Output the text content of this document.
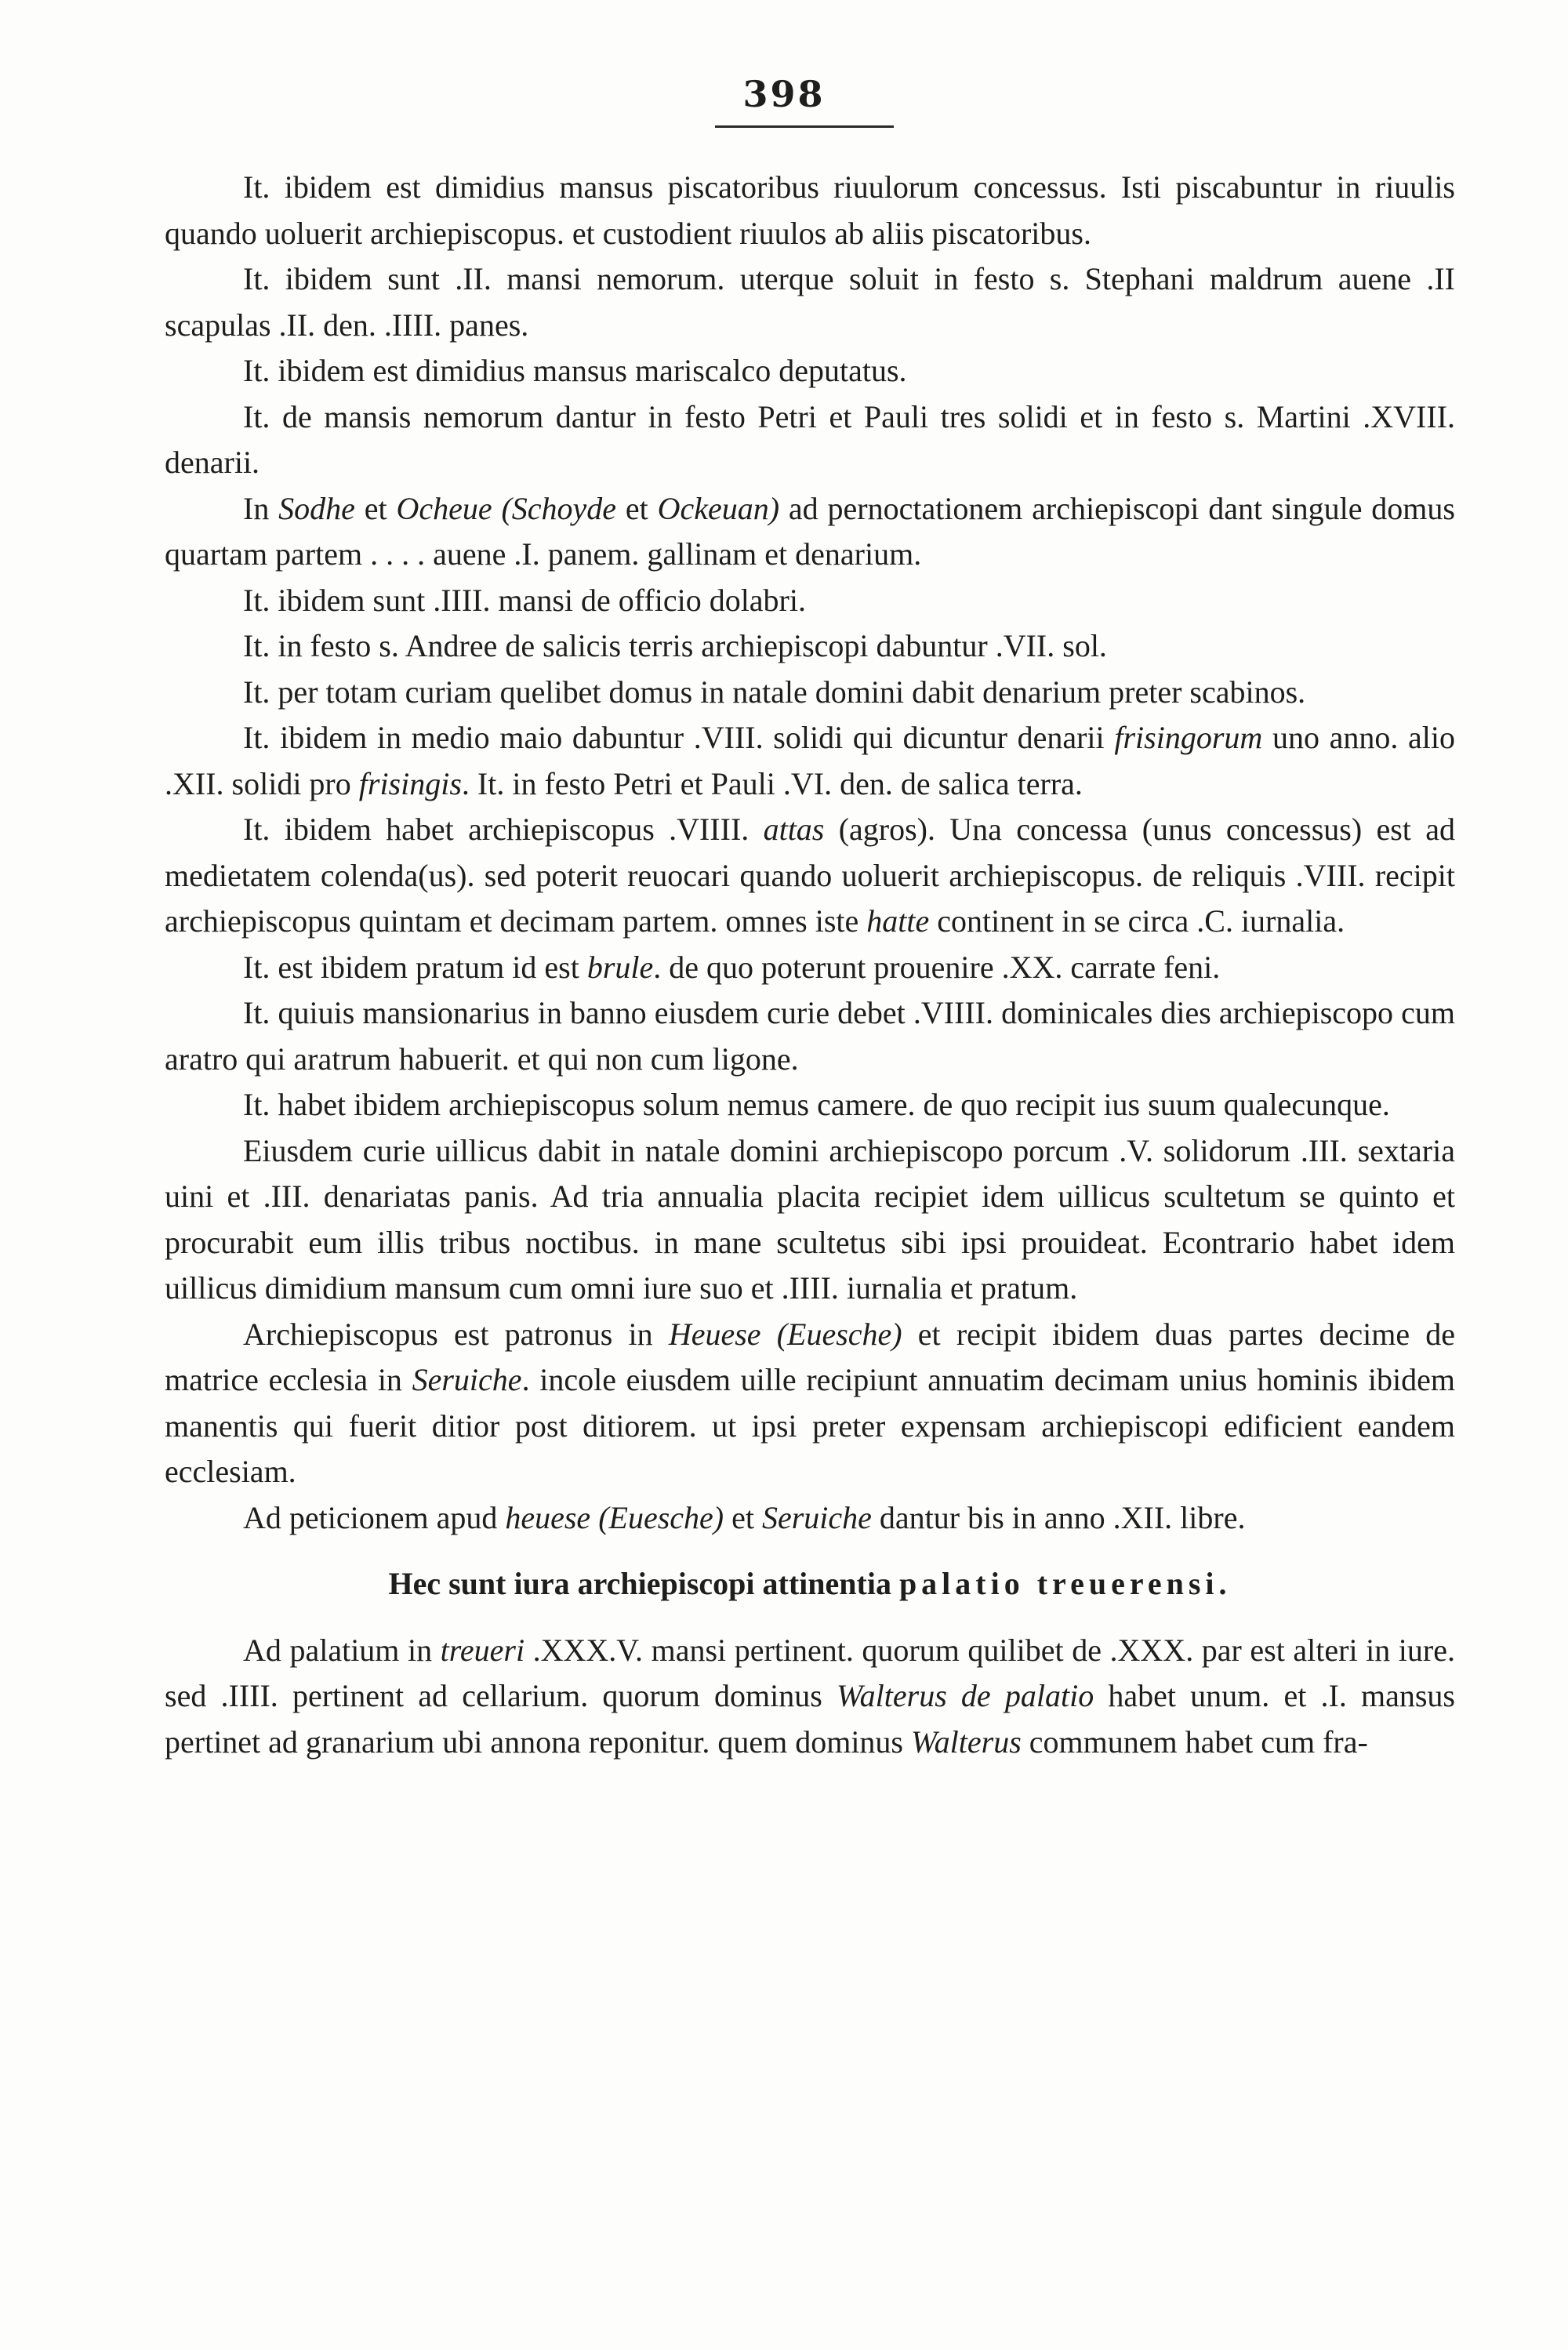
398

It. ibidem est dimidius mansus piscatoribus riuulorum concessus. Isti piscabuntur in riuulis quando uoluerit archiepiscopus. et custodient riuulos ab aliis piscatoribus.

It. ibidem sunt .II. mansi nemorum. uterque soluit in festo s. Stephani maldrum auene .II scapulas .II. den. .IIII. panes.

It. ibidem est dimidius mansus mariscalco deputatus.

It. de mansis nemorum dantur in festo Petri et Pauli tres solidi et in festo s. Martini .XVIII. denarii.

In Sodhe et Ocheue (Schoyde et Ockeuan) ad pernoctationem archiepiscopi dant singule domus quartam partem . . . . auene .I. panem. gallinam et denarium.

It. ibidem sunt .IIII. mansi de officio dolabri.

It. in festo s. Andree de salicis terris archiepiscopi dabuntur .VII. sol.

It. per totam curiam quelibet domus in natale domini dabit denarium preter scabinos.

It. ibidem in medio maio dabuntur .VIII. solidi qui dicuntur denarii frisingorum uno anno. alio .XII. solidi pro frisingis. It. in festo Petri et Pauli .VI. den. de salica terra.

It. ibidem habet archiepiscopus .VIIII. attas (agros). Una concessa (unus concessus) est ad medietatem colenda(us). sed poterit reuocari quando uoluerit archiepiscopus. de reliquis .VIII. recipit archiepiscopus quintam et decimam partem. omnes iste hatte continent in se circa .C. iurnalia.

It. est ibidem pratum id est brule. de quo poterunt prouenire .XX. carrate feni.

It. quiuis mansionarius in banno eiusdem curie debet .VIIII. dominicales dies archiepiscopo cum aratro qui aratrum habuerit. et qui non cum ligone.

It. habet ibidem archiepiscopus solum nemus camere. de quo recipit ius suum qualecunque.

Eiusdem curie uillicus dabit in natale domini archiepiscopo porcum .V. solidorum .III. sextaria uini et .III. denariatas panis. Ad tria annualia placita recipiet idem uillicus scultetum se quinto et procurabit eum illis tribus noctibus. in mane scultetus sibi ipsi prouideat. Econtrario habet idem uillicus dimidium mansum cum omni iure suo et .IIII. iurnalia et pratum.

Archiepiscopus est patronus in Heuese (Euesche) et recipit ibidem duas partes decime de matrice ecclesia in Seruiche. incole eiusdem uille recipiunt annuatim decimam unius hominis ibidem manentis qui fuerit ditior post ditiorem. ut ipsi preter expensam archiepiscopi edificient eandem ecclesiam.

Ad peticionem apud heuese (Euesche) et Seruiche dantur bis in anno .XII. libre.

Hec sunt iura archiepiscopi attinentia palatio treuerensi.

Ad palatium in treueri .XXX.V. mansi pertinent. quorum quilibet de .XXX. par est alteri in iure. sed .IIII. pertinent ad cellarium. quorum dominus Walterus de palatio habet unum. et .I. mansus pertinet ad granarium ubi annona reponitur. quem dominus Walterus communem habet cum fra-
